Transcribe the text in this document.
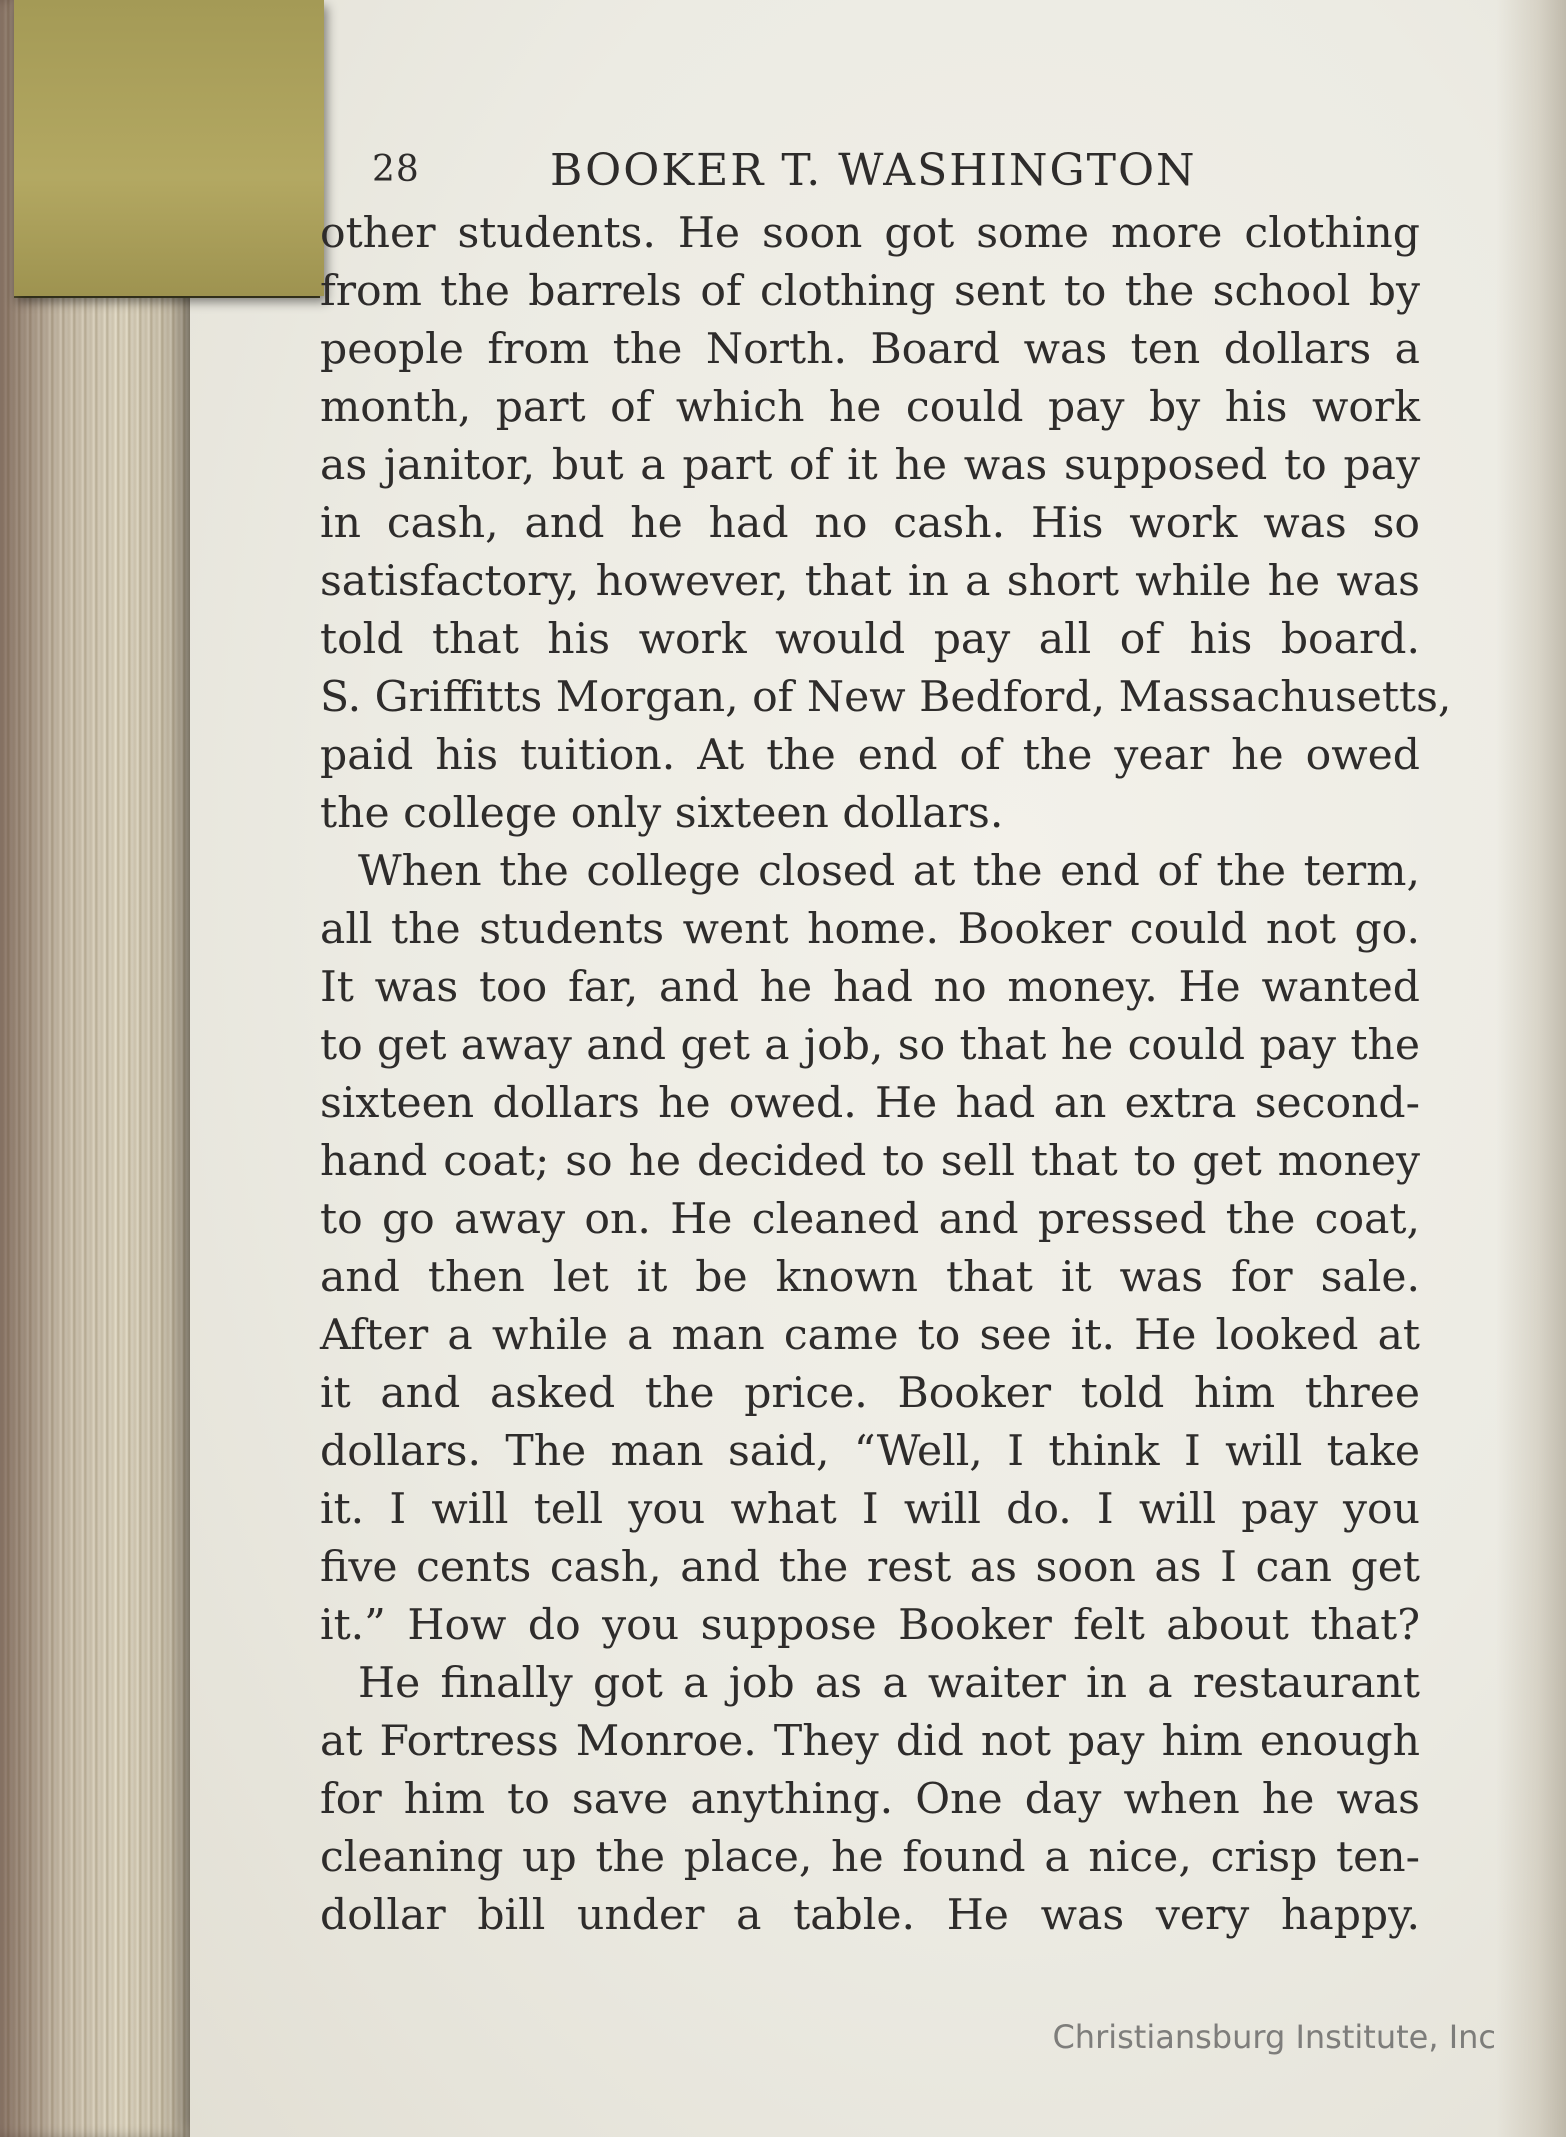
28	BOOKER T. WASHINGTON

other students. He soon got some more clothing
from the barrels of clothing sent to the school by
people from the North. Board was ten dollars a
month, part of which he could pay by his work
as janitor, but a part of it he was supposed to pay
in cash, and he had no cash. His work was so
satisfactory, however, that in a short while he was
told that his work would pay all of his board.
S. Griffitts Morgan, of New Bedford, Massachusetts,
paid his tuition. At the end of the year he owed
the college only sixteen dollars.

When the college closed at the end of the term,
all the students went home. Booker could not go.
It was too far, and he had no money. He wanted
to get away and get a job, so that he could pay the
sixteen dollars he owed. He had an extra second-
hand coat; so he decided to sell that to get money
to go away on. He cleaned and pressed the coat,
and then let it be known that it was for sale.
After a while a man came to see it. He looked at
it and asked the price. Booker told him three
dollars. The man said, “Well, I think I will take
it. I will tell you what I will do. I will pay you
five cents cash, and the rest as soon as I can get
it.” How do you suppose Booker felt about that?

He finally got a job as a waiter in a restaurant
at Fortress Monroe. They did not pay him enough
for him to save anything. One day when he was
cleaning up the place, he found a nice, crisp ten-
dollar bill under a table. He was very happy.

Christiansburg Institute, Inc
